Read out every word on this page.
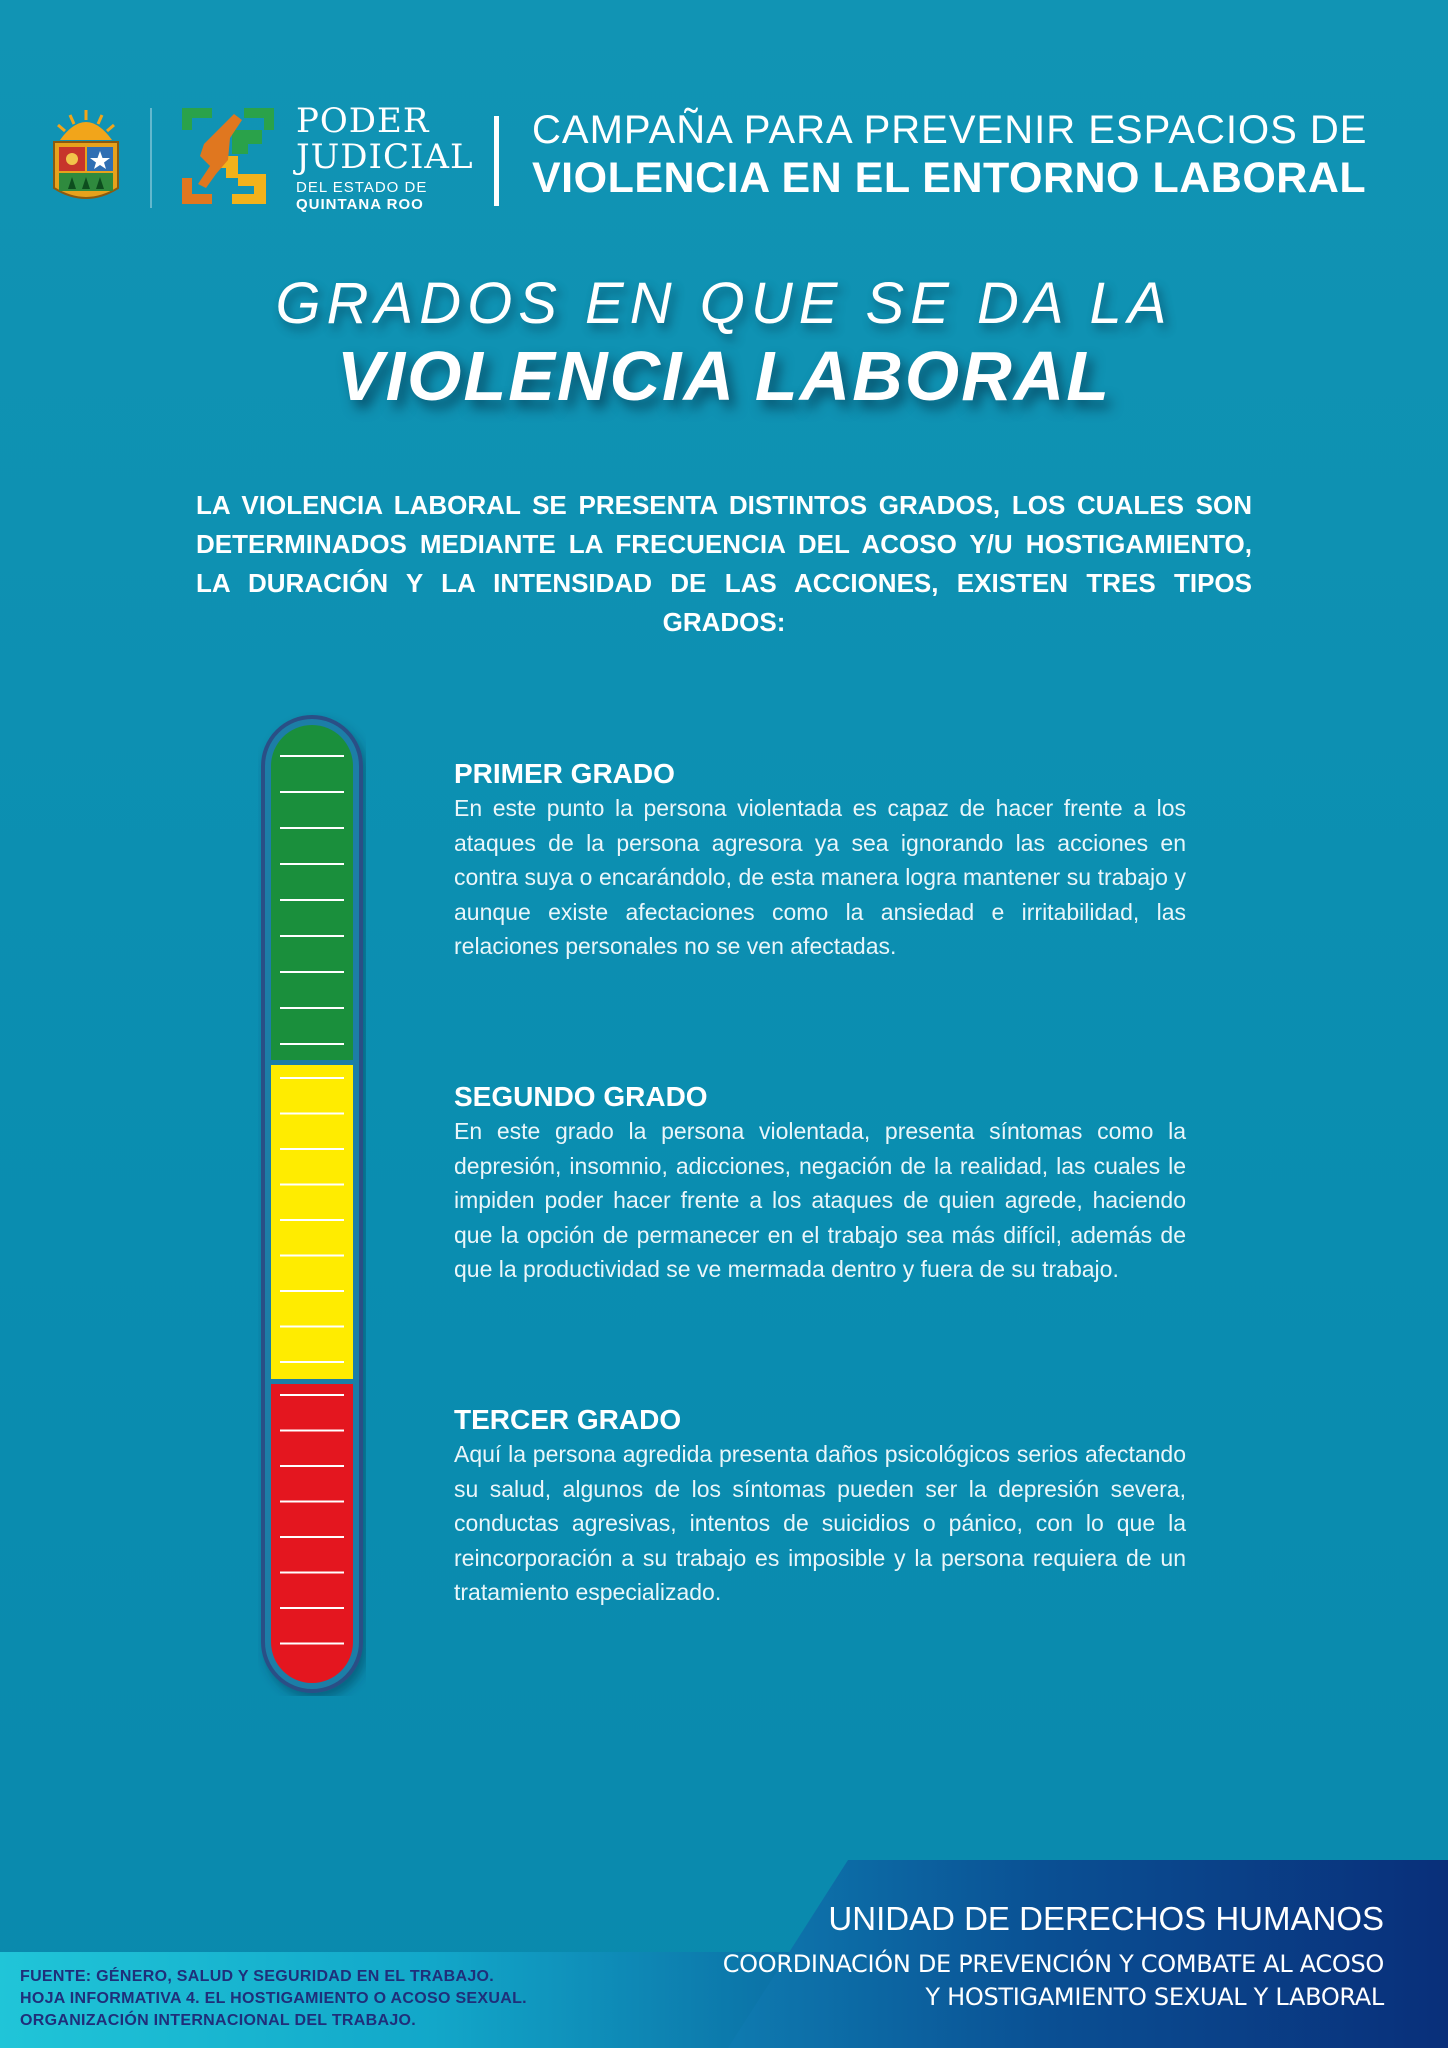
PODER
JUDICIAL
DEL ESTADO DE
QUINTANA ROO
CAMPAÑA PARA PREVENIR ESPACIOS DE
VIOLENCIA EN EL ENTORNO LABORAL
GRADOS EN QUE SE DA LA
VIOLENCIA LABORAL
LA VIOLENCIA LABORAL SE PRESENTA DISTINTOS GRADOS, LOS CUALES SON DETERMINADOS MEDIANTE LA FRECUENCIA DEL ACOSO Y/U HOSTIGAMIENTO, LA DURACIÓN Y LA INTENSIDAD DE LAS ACCIONES, EXISTEN TRES TIPOS GRADOS:
PRIMER GRADO

En este punto la persona violentada es capaz de hacer frente a los ataques de la persona agresora ya sea ignorando las acciones en contra suya o encarándolo, de esta manera logra mantener su trabajo y aunque existe afectaciones como la ansiedad e irritabilidad, las relaciones personales no se ven afectadas.

SEGUNDO GRADO

En este grado la persona violentada, presenta síntomas como la depresión, insomnio, adicciones, negación de la realidad, las cuales le impiden poder hacer frente a los ataques de quien agrede, haciendo que la opción de permanecer en el trabajo sea más difícil, además de que la productividad se ve mermada dentro y fuera de su trabajo.

TERCER GRADO

Aquí la persona agredida presenta daños psicológicos serios afectando su salud, algunos de los síntomas pueden ser la depresión severa, conductas agresivas, intentos de suicidios o pánico, con lo que la reincorporación a su trabajo es imposible y la persona requiera de un tratamiento especializado.

FUENTE: GÉNERO, SALUD Y SEGURIDAD EN EL TRABAJO.
HOJA INFORMATIVA 4. EL HOSTIGAMIENTO O ACOSO SEXUAL.
ORGANIZACIÓN INTERNACIONAL DEL TRABAJO.
UNIDAD DE DERECHOS HUMANOS
COORDINACIÓN DE PREVENCIÓN Y COMBATE AL ACOSO
Y HOSTIGAMIENTO SEXUAL Y LABORAL
